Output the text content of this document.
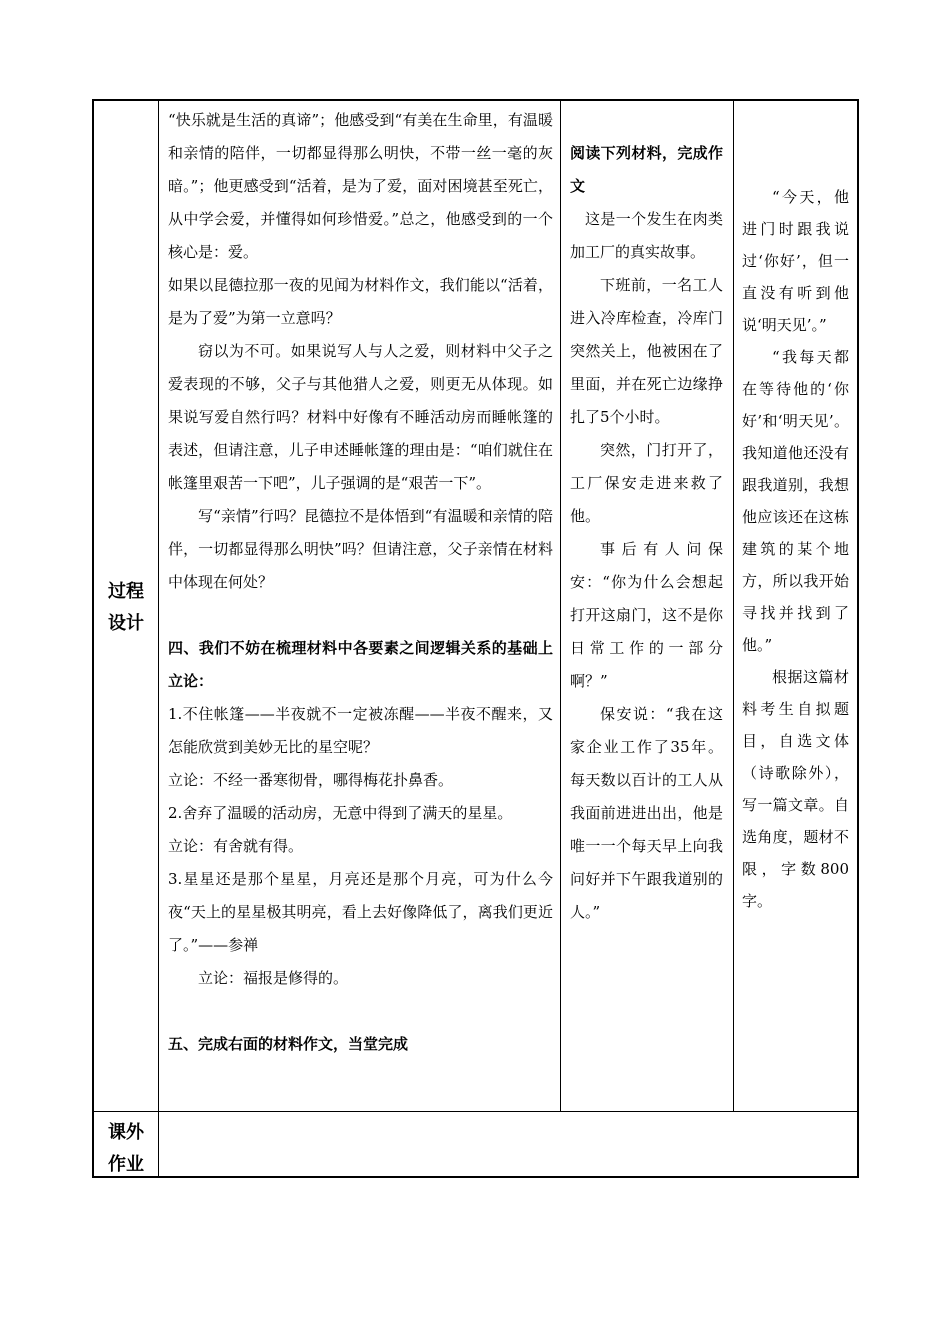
过程设计
课外作业

“快乐就是生活的真谛”；他感受到“有美在生命里，有温暖和亲情的陪伴，一切都显得那么明快，不带一丝一毫的灰暗。”；他更感受到“活着，是为了爱，面对困境甚至死亡，从中学会爱，并懂得如何珍惜爱。”总之，他感受到的一个核心是：爱。

如果以昆德拉那一夜的见闻为材料作文，我们能以“活着，是为了爱”为第一立意吗？

窃以为不可。如果说写人与人之爱，则材料中父子之爱表现的不够，父子与其他猎人之爱，则更无从体现。如果说写爱自然行吗？材料中好像有不睡活动房而睡帐篷的表述，但请注意，儿子申述睡帐篷的理由是：“咱们就住在帐篷里艰苦一下吧”，儿子强调的是“艰苦一下”。

写“亲情”行吗？昆德拉不是体悟到“有温暖和亲情的陪伴，一切都显得那么明快”吗？但请注意，父子亲情在材料中体现在何处？

四、我们不妨在梳理材料中各要素之间逻辑关系的基础上立论：

1.不住帐篷——半夜就不一定被冻醒——半夜不醒来，又怎能欣赏到美妙无比的星空呢？

立论：不经一番寒彻骨，哪得梅花扑鼻香。

2.舍弃了温暖的活动房，无意中得到了满天的星星。

立论：有舍就有得。

3.星星还是那个星星，月亮还是那个月亮，可为什么今夜“天上的星星极其明亮，看上去好像降低了，离我们更近了。”——参禅

立论：福报是修得的。

五、完成右面的材料作文，当堂完成

阅读下列材料，完成作文

这是一个发生在肉类加工厂的真实故事。

下班前，一名工人进入冷库检查，冷库门突然关上，他被困在了里面，并在死亡边缘挣扎了5个小时。

突然，门打开了，工厂保安走进来救了他。

事后有人问保安：“你为什么会想起打开这扇门，这不是你日常工作的一部分啊？”

保安说：“我在这家企业工作了35年。每天数以百计的工人从我面前进进出出，他是唯一一个每天早上向我问好并下午跟我道别的人。”

“今天，他进门时跟我说过‘你好’，但一直没有听到他说‘明天见’。”

“我每天都在等待他的‘你好’和‘明天见’。我知道他还没有跟我道别，我想他应该还在这栋建筑的某个地方，所以我开始寻找并找到了他。”

根据这篇材料考生自拟题目，自选文体（诗歌除外），写一篇文章。自选角度，题材不限，字数800字。
